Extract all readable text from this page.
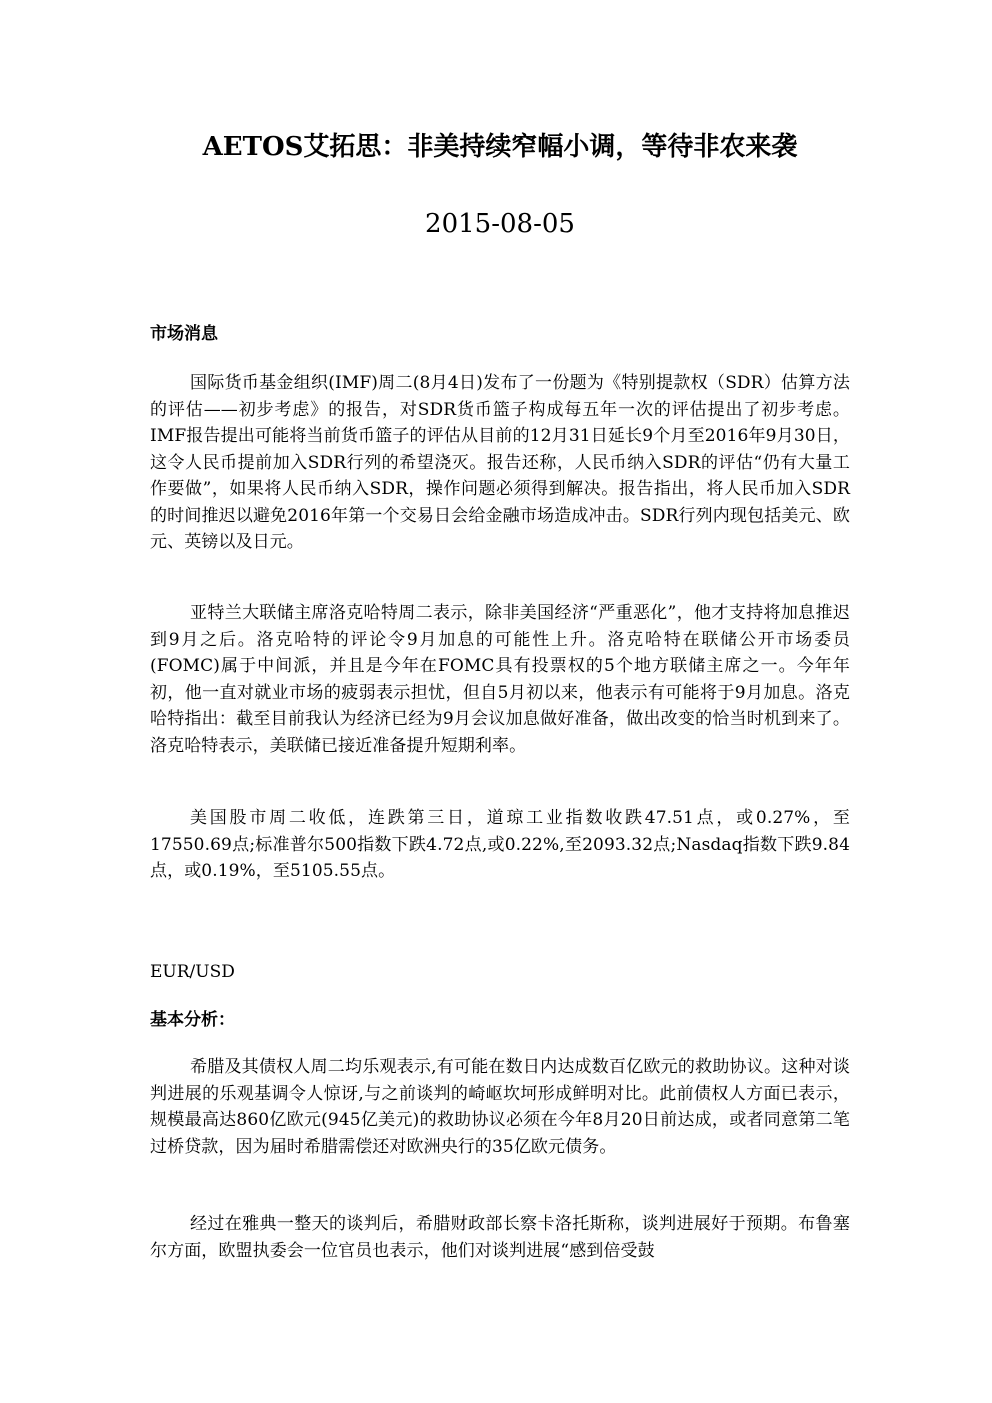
AETOS艾拓思：非美持续窄幅小调，等待非农来袭
2015-08-05
市场消息

国际货币基金组织(IMF)周二(8月4日)发布了一份题为《特别提款权（SDR）估算方法的评估——初步考虑》的报告，对SDR货币篮子构成每五年一次的评估提出了初步考虑。IMF报告提出可能将当前货币篮子的评估从目前的12月31日延长9个月至2016年9月30日，这令人民币提前加入SDR行列的希望浇灭。报告还称，人民币纳入SDR的评估“仍有大量工作要做”，如果将人民币纳入SDR，操作问题必须得到解决。报告指出，将人民币加入SDR的时间推迟以避免2016年第一个交易日会给金融市场造成冲击。SDR行列内现包括美元、欧元、英镑以及日元。

亚特兰大联储主席洛克哈特周二表示，除非美国经济“严重恶化”，他才支持将加息推迟到9月之后。洛克哈特的评论令9月加息的可能性上升。洛克哈特在联储公开市场委员(FOMC)属于中间派，并且是今年在FOMC具有投票权的5个地方联储主席之一。今年年初，他一直对就业市场的疲弱表示担忧，但自5月初以来，他表示有可能将于9月加息。洛克哈特指出：截至目前我认为经济已经为9月会议加息做好准备，做出改变的恰当时机到来了。洛克哈特表示，美联储已接近准备提升短期利率。

美国股市周二收低，连跌第三日，道琼工业指数收跌47.51点，或0.27%，至17550.69点;标准普尔500指数下跌4.72点,或0.22%,至2093.32点;Nasdaq指数下跌9.84点，或0.19%，至5105.55点。

EUR/USD
基本分析：

希腊及其债权人周二均乐观表示,有可能在数日内达成数百亿欧元的救助协议。这种对谈判进展的乐观基调令人惊讶,与之前谈判的崎岖坎坷形成鲜明对比。此前债权人方面已表示，规模最高达860亿欧元(945亿美元)的救助协议必须在今年8月20日前达成，或者同意第二笔过桥贷款，因为届时希腊需偿还对欧洲央行的35亿欧元债务。

经过在雅典一整天的谈判后，希腊财政部长察卡洛托斯称，谈判进展好于预期。布鲁塞尔方面，欧盟执委会一位官员也表示，他们对谈判进展“感到倍受鼓
